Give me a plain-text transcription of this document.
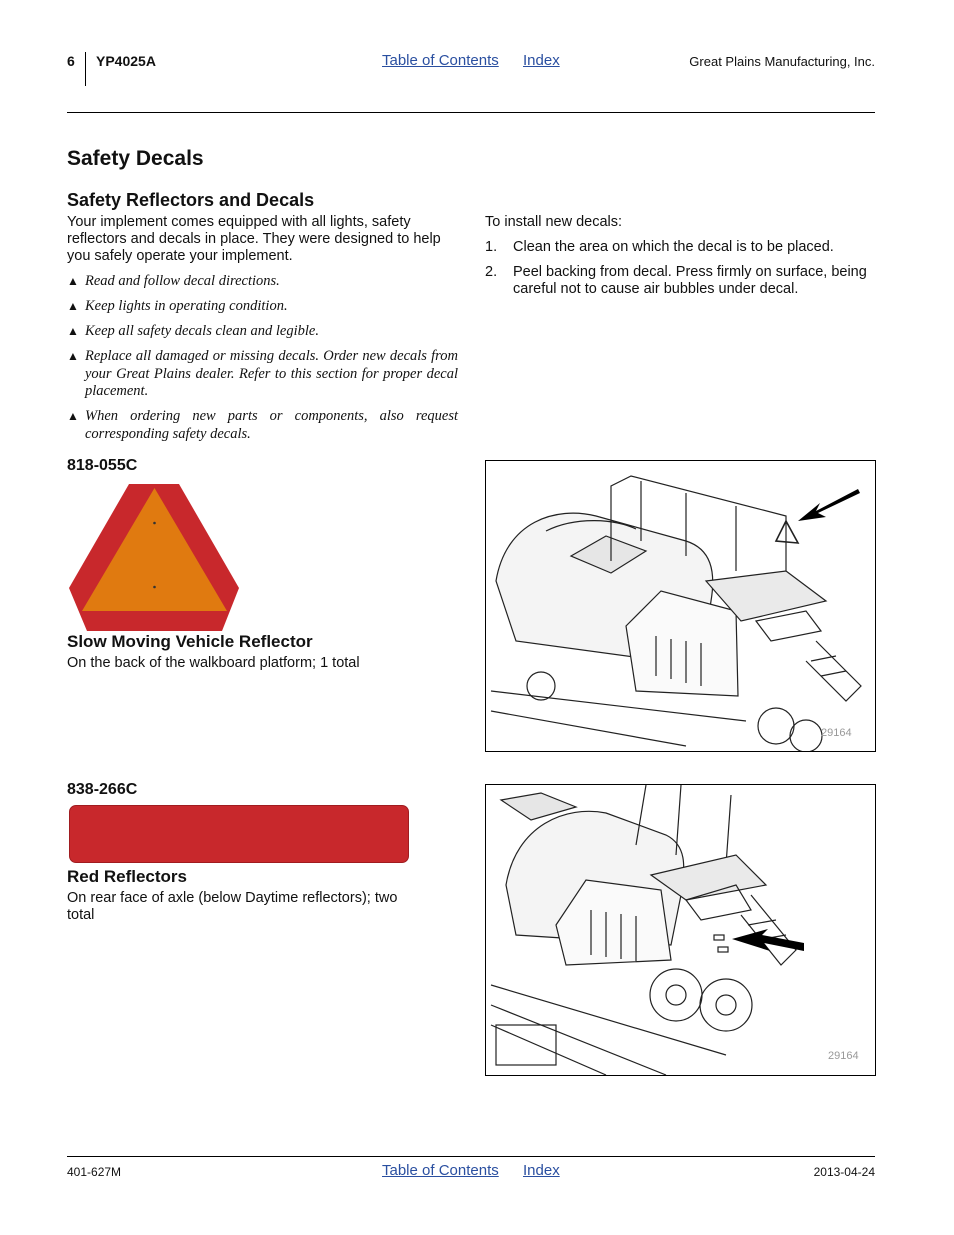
6 YP4025A	Table of Contents Index	Great Plains Manufacturing, Inc.
Safety Decals
Safety Reflectors and Decals
Your implement comes equipped with all lights, safety reflectors and decals in place. They were designed to help you safely operate your implement.
▲ Read and follow decal directions.
▲ Keep lights in operating condition.
▲ Keep all safety decals clean and legible.
▲ Replace all damaged or missing decals. Order new decals from your Great Plains dealer. Refer to this section for proper decal placement.
▲ When ordering new parts or components, also request corresponding safety decals.
To install new decals:
1. Clean the area on which the decal is to be placed.
2. Peel backing from decal. Press firmly on surface, being careful not to cause air bubbles under decal.
818-055C
Slow Moving Vehicle Reflector
On the back of the walkboard platform; 1 total
29164
838-266C
Red Reflectors
On rear face of axle (below Daytime reflectors); two total
29164
401-627M	Table of Contents Index	2013-04-24
